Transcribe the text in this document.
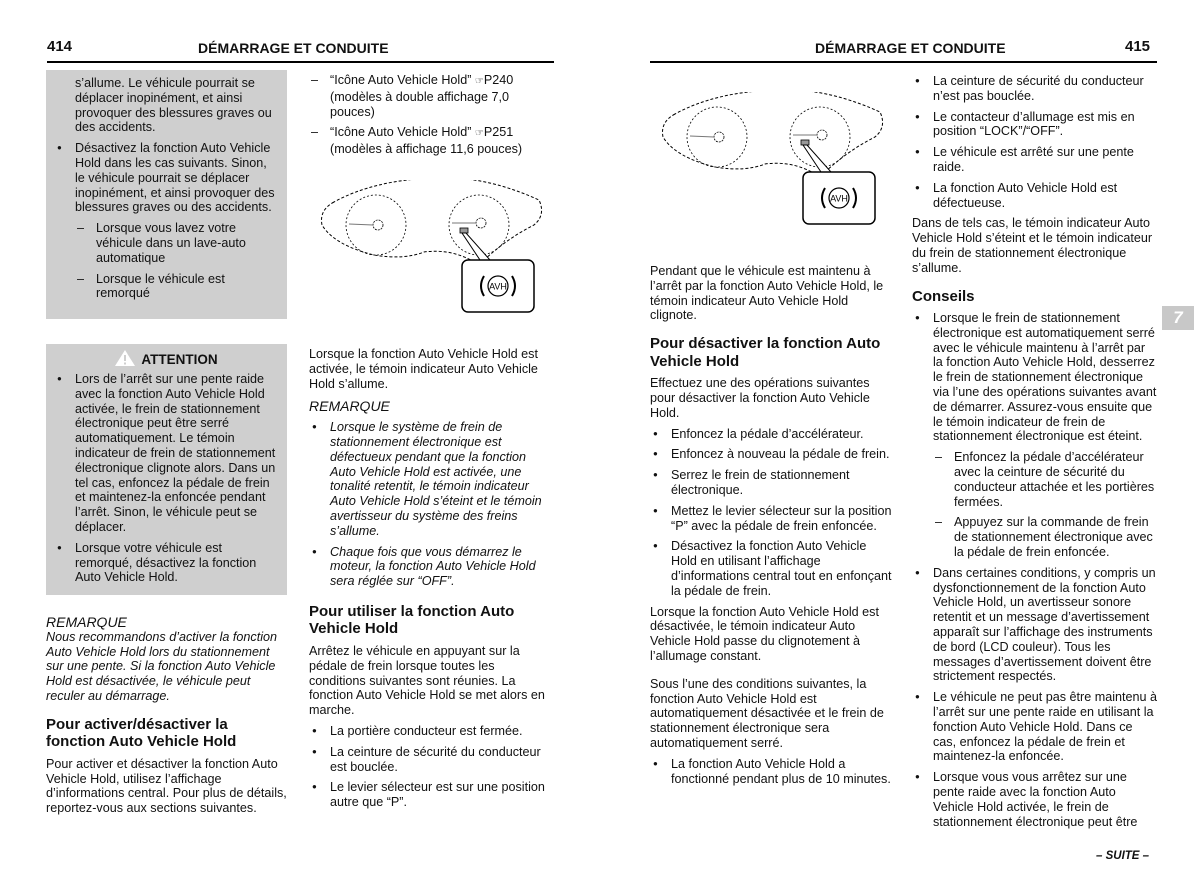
414	DÉMARRAGE ET CONDUITE	DÉMARRAGE ET CONDUITE	415

s’allume. Le véhicule pourrait se déplacer inopinément, et ainsi provoquer des blessures graves ou des accidents.

● Désactivez la fonction Auto Vehicle Hold dans les cas suivants. Sinon, le véhicule pourrait se déplacer inopinément, et ainsi provoquer des blessures graves ou des accidents.
– Lorsque vous lavez votre véhicule dans un lave-auto automatique
– Lorsque le véhicule est remorqué
ATTENTION
● Lors de l’arrêt sur une pente raide avec la fonction Auto Vehicle Hold activée, le frein de stationnement électronique peut être serré automatiquement. Le témoin indicateur de frein de stationnement électronique clignote alors. Dans un tel cas, enfoncez la pédale de frein et maintenez-la enfoncée pendant l’arrêt. Sinon, le véhicule peut se déplacer.
● Lorsque votre véhicule est remorqué, désactivez la fonction Auto Vehicle Hold.
REMARQUE

Nous recommandons d’activer la fonction Auto Vehicle Hold lors du stationnement sur une pente. Si la fonction Auto Vehicle Hold est désactivée, le véhicule peut reculer au démarrage.

Pour activer/désactiver la fonction Auto Vehicle Hold

Pour activer et désactiver la fonction Auto Vehicle Hold, utilisez l’affichage d’informations central. Pour plus de détails, reportez-vous aux sections suivantes.

– “Icône Auto Vehicle Hold” ☞P240 (modèles à double affichage 7,0 pouces)
– “Icône Auto Vehicle Hold” ☞P251 (modèles à affichage 11,6 pouces)
AVH

Lorsque la fonction Auto Vehicle Hold est activée, le témoin indicateur Auto Vehicle Hold s’allume.

REMARQUE
● Lorsque le système de frein de stationnement électronique est défectueux pendant que la fonction Auto Vehicle Hold est activée, une tonalité retentit, le témoin indicateur Auto Vehicle Hold s’éteint et le témoin avertisseur du système des freins s’allume.
● Chaque fois que vous démarrez le moteur, la fonction Auto Vehicle Hold sera réglée sur “OFF”.
Pour utiliser la fonction Auto Vehicle Hold

Arrêtez le véhicule en appuyant sur la pédale de frein lorsque toutes les conditions suivantes sont réunies. La fonction Auto Vehicle Hold se met alors en marche.

● La portière conducteur est fermée.
● La ceinture de sécurité du conducteur est bouclée.
● Le levier sélecteur est sur une position autre que “P”.
AVH

Pendant que le véhicule est maintenu à l’arrêt par la fonction Auto Vehicle Hold, le témoin indicateur Auto Vehicle Hold clignote.

Pour désactiver la fonction Auto Vehicle Hold

Effectuez une des opérations suivantes pour désactiver la fonction Auto Vehicle Hold.

● Enfoncez la pédale d’accélérateur.
● Enfoncez à nouveau la pédale de frein.
● Serrez le frein de stationnement électronique.
● Mettez le levier sélecteur sur la position “P” avec la pédale de frein enfoncée.
● Désactivez la fonction Auto Vehicle Hold en utilisant l’affichage d’informations central tout en enfonçant la pédale de frein.

Lorsque la fonction Auto Vehicle Hold est désactivée, le témoin indicateur Auto Vehicle Hold passe du clignotement à l’allumage constant.

Sous l’une des conditions suivantes, la fonction Auto Vehicle Hold est automatiquement désactivée et le frein de stationnement électronique sera automatiquement serré.

● La fonction Auto Vehicle Hold a fonctionné pendant plus de 10 minutes.
● La ceinture de sécurité du conducteur n’est pas bouclée.
● Le contacteur d’allumage est mis en position “LOCK”/“OFF”.
● Le véhicule est arrêté sur une pente raide.
● La fonction Auto Vehicle Hold est défectueuse.

Dans de tels cas, le témoin indicateur Auto Vehicle Hold s’éteint et le témoin indicateur du frein de stationnement électronique s’allume.

Conseils
● Lorsque le frein de stationnement électronique est automatiquement serré avec le véhicule maintenu à l’arrêt par la fonction Auto Vehicle Hold, desserrez le frein de stationnement électronique via l’une des opérations suivantes avant de démarrer. Assurez-vous ensuite que le témoin indicateur de frein de stationnement électronique est éteint.
– Enfoncez la pédale d’accélérateur avec la ceinture de sécurité du conducteur attachée et les portières fermées.
– Appuyez sur la commande de frein de stationnement électronique avec la pédale de frein enfoncée.
● Dans certaines conditions, y compris un dysfonctionnement de la fonction Auto Vehicle Hold, un avertisseur sonore retentit et un message d’avertissement apparaît sur l’affichage des instruments de bord (LCD couleur). Tous les messages d’avertissement doivent être strictement respectés.
● Le véhicule ne peut pas être maintenu à l’arrêt sur une pente raide en utilisant la fonction Auto Vehicle Hold. Dans ce cas, enfoncez la pédale de frein et maintenez-la enfoncée.
● Lorsque vous vous arrêtez sur une pente raide avec la fonction Auto Vehicle Hold activée, le frein de stationnement électronique peut être
7
– SUITE –
